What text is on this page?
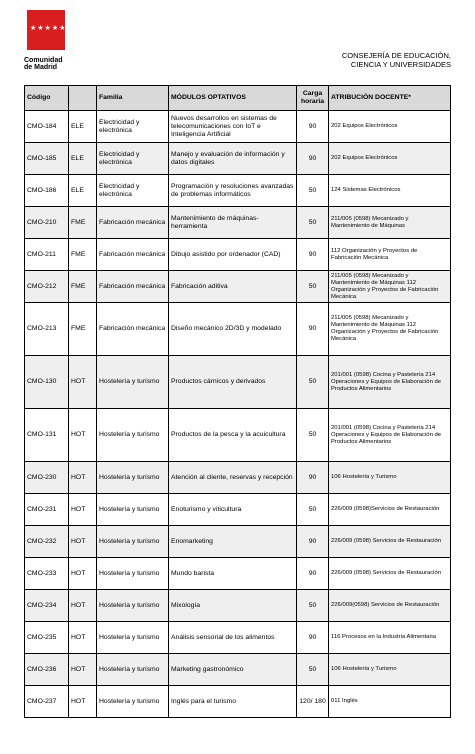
★★★★★★★
Comunidad
de Madrid
CONSEJERÍA DE EDUCACIÓN,
CIENCIA Y UNIVERSIDADES
Código		Familia	MÓDULOS OPTATIVOS	Carga horaria	ATRIBUCIÓN DOCENTE*
CMO-184	ELE	Electricidad y electrónica	Nuevos desarrollos en sistemas de telecomunicaciones con IoT e Inteligencia Artificial	90	202 Equipos Electrónicos
CMO-185	ELE	Electricidad y electrónica	Manejo y evaluación de información y datos digitales	90	202 Equipos Electrónicos
CMO-186	ELE	Electricidad y electrónica	Programación y resoluciones avanzadas de problemas informáticos	50	124 Sistemas Electrónicos
CMO-210	FME	Fabricación mecánica	Mantenimiento de máquinas-herramienta	50	211/005 (0598) Mecanizado y Mantenimiento de Máquinas
CMO-211	FME	Fabricación mecánica	Dibujo asistido por ordenador (CAD)	90	112 Organización y Proyectos de Fabricación Mecánica
CMO-212	FME	Fabricación mecánica	Fabricación aditiva	50	211/005 (0598) Mecanizado y Mantenimiento de Máquinas 112 Organización y Proyectos de Fabricación Mecánica
CMO-213	FME	Fabricación mecánica	Diseño mecánico 2D/3D y modelado	90	211/005 (0598) Mecanizado y Mantenimiento de Máquinas 112 Organización y Proyectos de Fabricación Mecánica
CMO-130	HOT	Hostelería y turismo	Productos cárnicos y derivados	50	201/001 (0598) Cocina y Pastelería 214 Operaciones y Equipos de Elaboración de Productos Alimentarios
CMO-131	HOT	Hostelería y turismo	Productos de la pesca y la acuicultura	50	201/001 (0598) Cocina y Pastelería 214 Operaciones y Equipos de Elaboración de Productos Alimentarios
CMO-230	HOT	Hostelería y turismo	Atención al cliente, reservas y recepción	90	106 Hostelería y Turismo
CMO-231	HOT	Hostelería y turismo	Enoturismo y viticultura	50	226/009 (0598)Servicios de Restauración
CMO-232	HOT	Hostelería y turismo	Enomarketing	90	226/009 (0598) Servicios de Restauración
CMO-233	HOT	Hostelería y turismo	Mundo barista	90	226/009 (0598) Servicios de Restauración
CMO-234	HOT	Hostelería y turismo	Mixología	50	226/009(0598) Servicios de Restauración
CMO-235	HOT	Hostelería y turismo	Análisis sensorial de los alimentos	90	116 Procesos en la Industria Alimentaria
CMO-236	HOT	Hostelería y turismo	Marketing gastronómico	50	106 Hostelería y Turismo
CMO-237	HOT	Hostelería y turismo	Inglés para el turismo	120/ 180	011 Inglés
